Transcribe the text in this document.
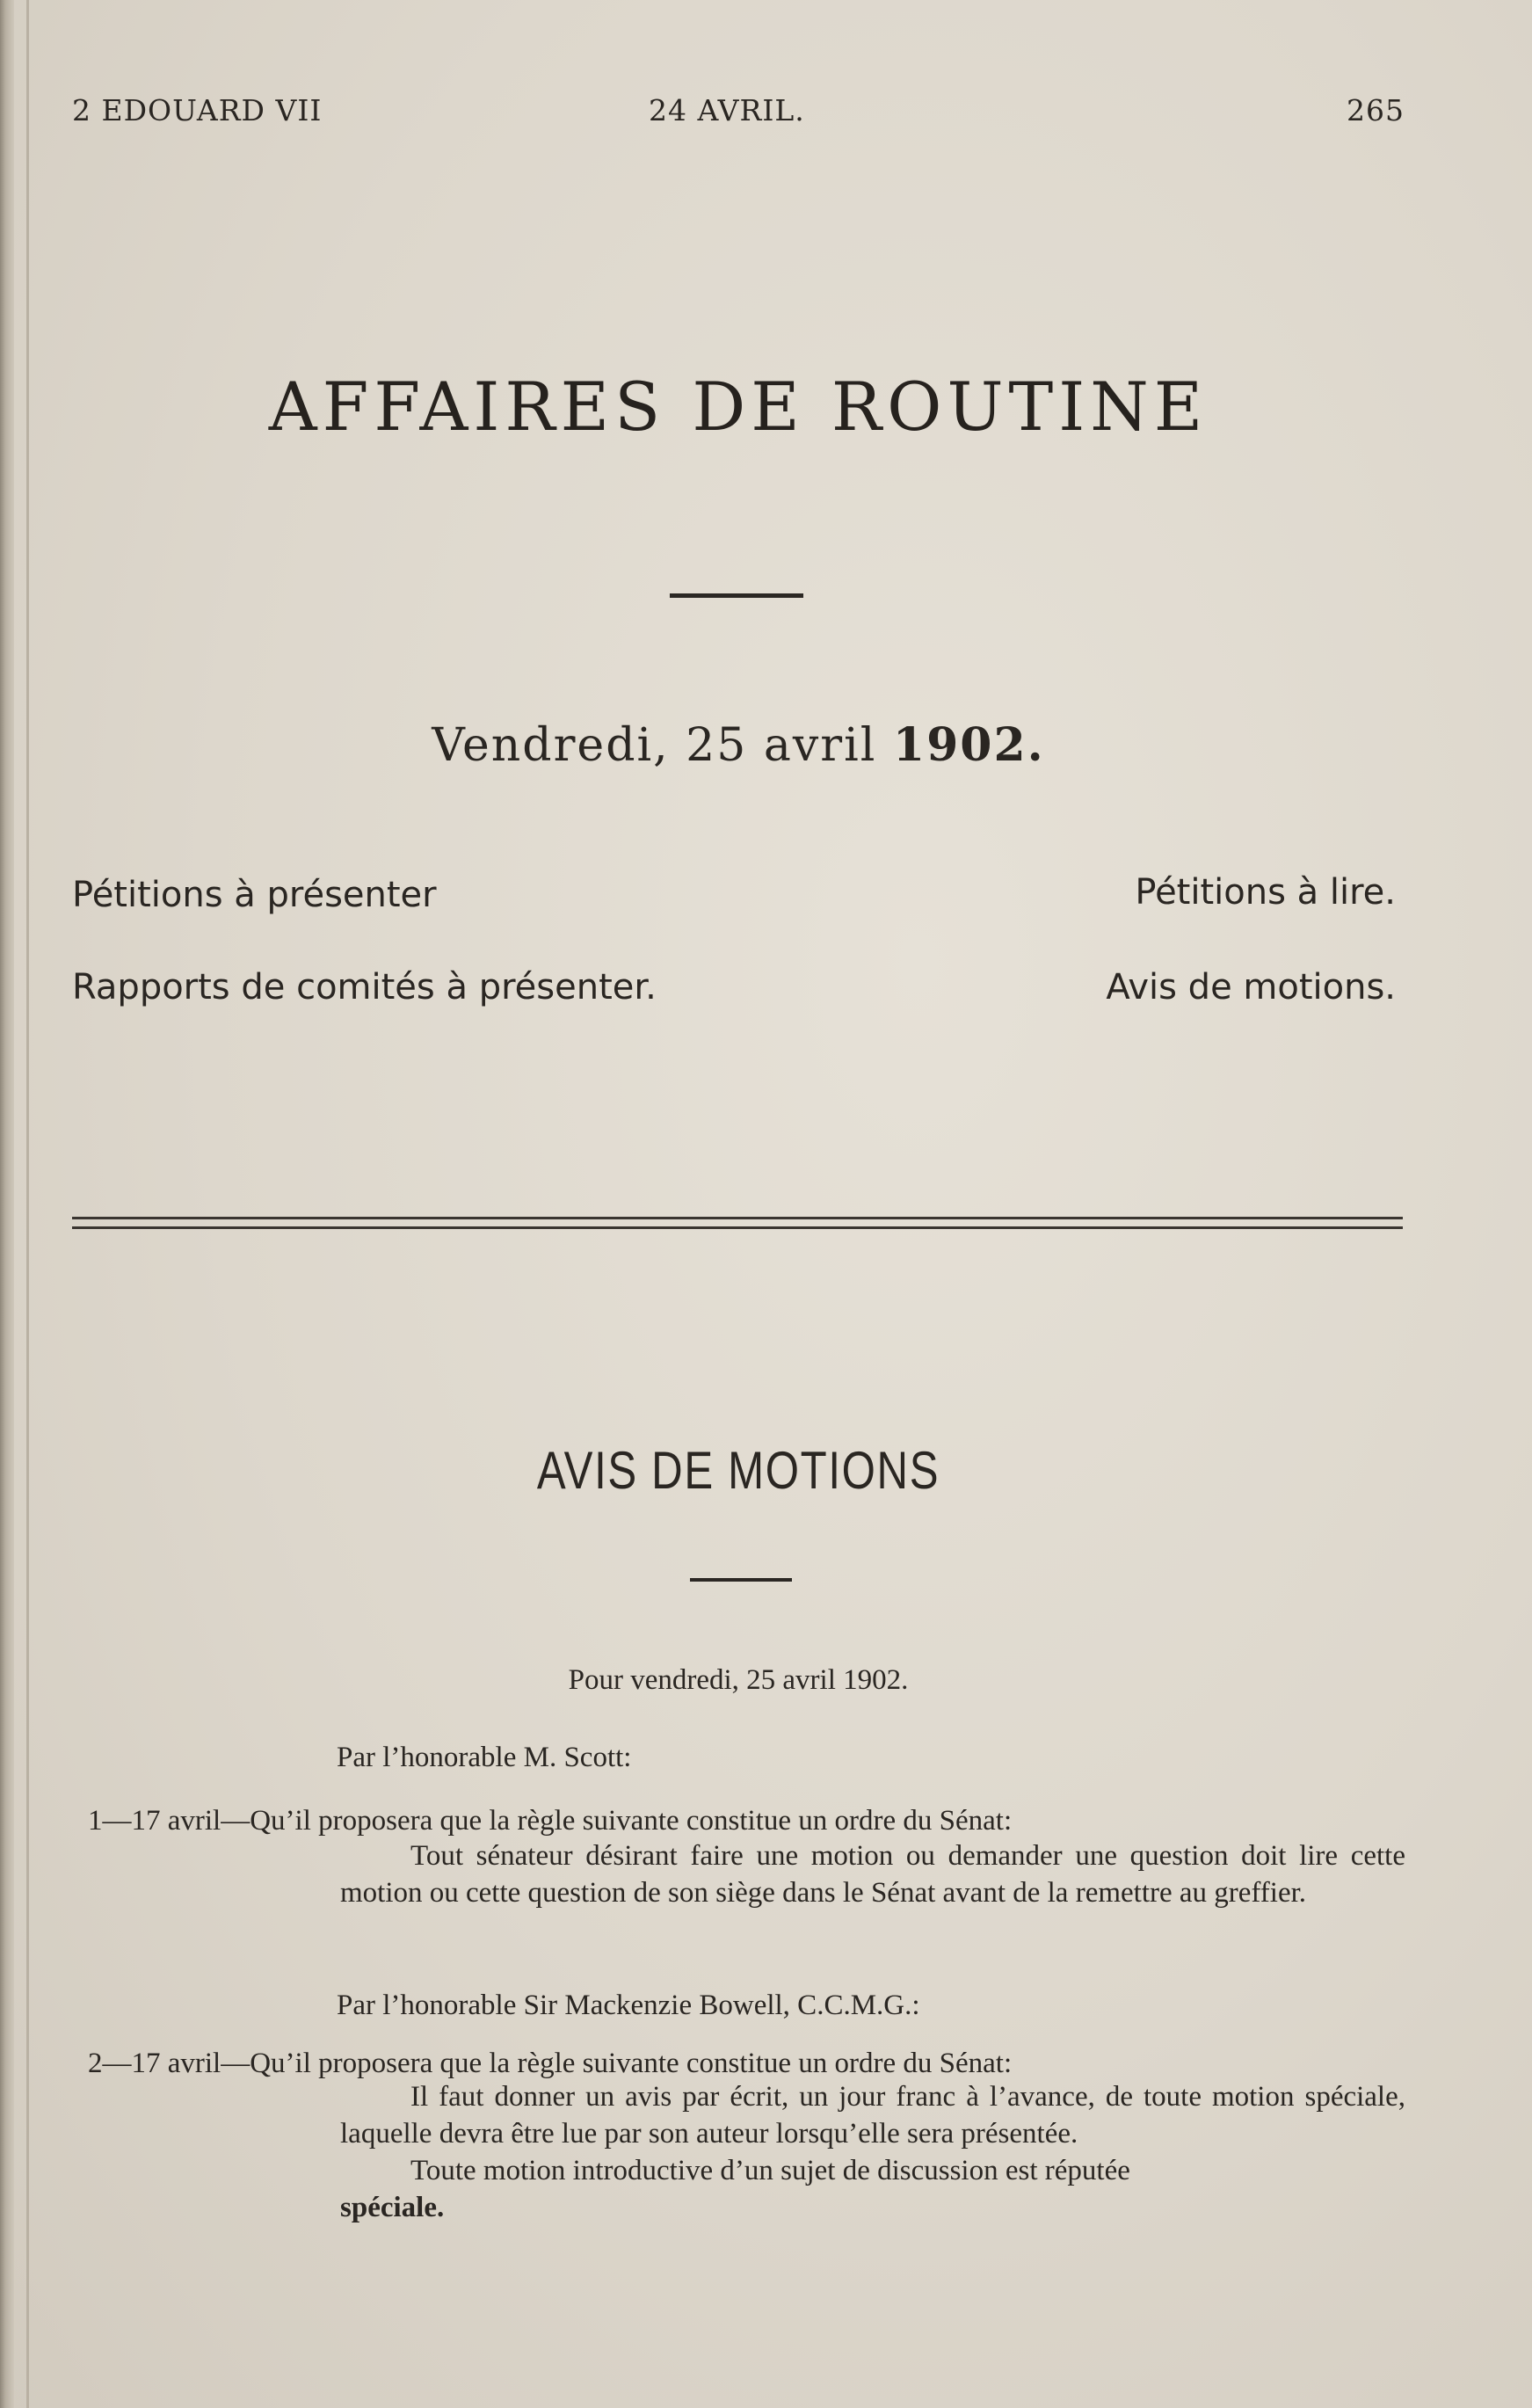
2 EDOUARD VII	24 AVRIL.	265
AFFAIRES DE ROUTINE
Vendredi, 25 avril 1902.
Pétitions à présenter	Pétitions à lire.
Rapports de comités à présenter.	Avis de motions.
AVIS DE MOTIONS
Pour vendredi, 25 avril 1902.
Par l’honorable M. Scott:
1—17 avril—Qu’il proposera que la règle suivante constitue un ordre du Sénat:

Tout sénateur désirant faire une motion ou demander une question doit lire cette motion ou cette question de son siège dans le Sénat avant de la remettre au greffier.

Par l’honorable Sir Mackenzie Bowell, C.C.M.G.:
2—17 avril—Qu’il proposera que la règle suivante constitue un ordre du Sénat:

Il faut donner un avis par écrit, un jour franc à l’avance, de toute motion spéciale, laquelle devra être lue par son auteur lorsqu’elle sera présentée.

Toute motion introductive d’un sujet de discussion est réputée

spéciale.
